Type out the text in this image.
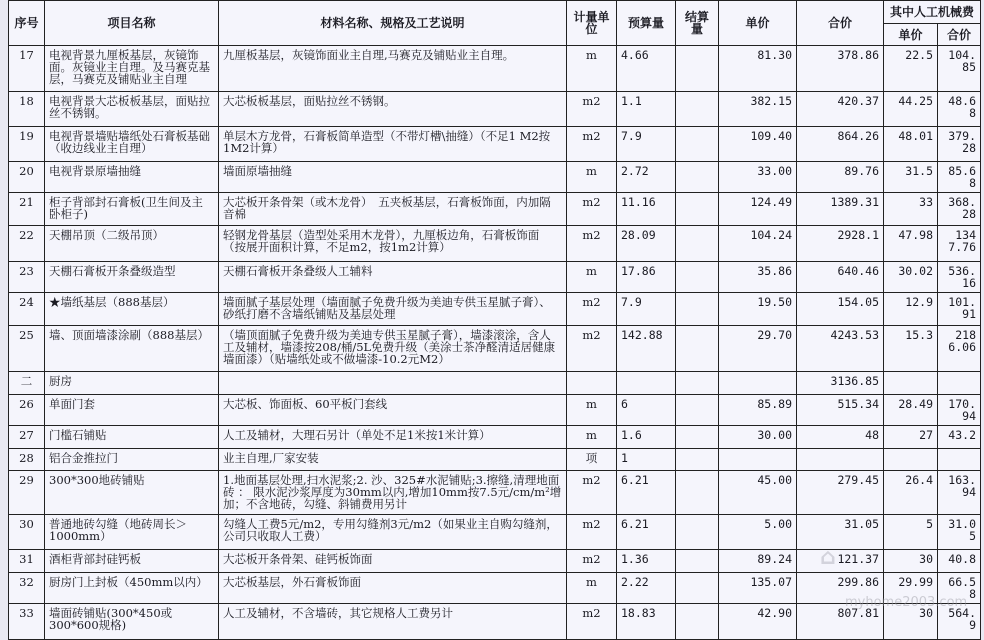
序号	项目名称	材料名称、规格及工艺说明	计量单位	预算量	结算量	单价	合价	其中人工机械费	
								单价	合价
17	电视背景九厘板基层，灰镜饰面。灰镜业主自理。及马赛克基层，马赛克及铺贴业主自理	九厘板基层，灰镜饰面业主自理,马赛克及铺贴业主自理。	m	4.66		81.30	378.86	22.5	104.85
18	电视背景大芯板板基层，面贴拉丝不锈钢。	大芯板板基层，面贴拉丝不锈钢。	m2	1.1		382.15	420.37	44.25	48.68
19	电视背景墙贴墙纸处石膏板基础（收边线业主自理）	单层木方龙骨，石膏板简单造型（不带灯槽\抽缝）（不足1 M2按1M2计算）	m2	7.9		109.40	864.26	48.01	379.28
20	电视背景原墙抽缝	墙面原墙抽缝	m	2.72		33.00	89.76	31.5	85.68
21	柜子背部封石膏板(卫生间及主卧柜子)	大芯板开条骨架（或木龙骨）　五夹板基层，石膏板饰面，内加隔音棉	m2	11.16		124.49	1389.31	33	368.28
22	天棚吊顶（二级吊顶）	轻钢龙骨基层（造型处采用木龙骨），九厘板边角，石膏板饰面（按展开面积计算，不足m2，按1m2计算）	m2	28.09		104.24	2928.1	47.98	1347.76
23	天棚石膏板开条叠级造型	天棚石膏板开条叠级人工辅料	m	17.86		35.86	640.46	30.02	536.16
24	★墙纸基层（888基层）	墙面腻子基层处理（墙面腻子免费升级为美迪专供玉星腻子膏）、砂纸打磨不含墙纸铺贴及基层处理	m2	7.9		19.50	154.05	12.9	101.91
25	墙、顶面墙漆涂刷（888基层）	（墙顶面腻子免费升级为美迪专供玉星腻子膏），墙漆滚涂，含人工及辅材，墙漆按208/桶/5L免费升级（美涂士茶净醛清适居健康墙面漆）（贴墙纸处或不做墙漆-10.2元M2）	m2	142.88		29.70	4243.53	15.3	2186.06
二	厨房						3136.85		
26	单面门套	大芯板、饰面板、60平板门套线	m	6		85.89	515.34	28.49	170.94
27	门槛石铺贴	人工及辅材，大理石另计（单处不足1米按1米计算）	m	1.6		30.00	48	27	43.2
28	铝合金推拉门	业主自理,厂家安装	项	1					
29	300*300地砖铺贴	1.地面基层处理,扫水泥浆;2. 沙、325#水泥铺贴;3.擦缝,清理地面砖 ： 限水泥沙浆厚度为30mm以内,增加10mm按7.5元/cm/m²增加；不含地砖，勾缝、斜铺费用另计	m2	6.21		45.00	279.45	26.4	163.94
30	普通地砖勾缝（地砖周长＞1000mm）	勾缝人工费5元/m2，专用勾缝剂3元/m2（如果业主自购勾缝剂，公司只收取人工费）	m2	6.21		5.00	31.05	5	31.05
31	酒柜背部封硅钙板	大芯板开条骨架、硅钙板饰面	m2	1.36		89.24	121.37	30	40.8
32	厨房门上封板（450mm以内）	大芯板基层，外石膏板饰面	m	2.22		135.07	299.86	29.99	66.58
33	墙面砖铺贴(300*450或300*600规格)	人工及辅材，不含墙砖，其它规格人工费另计	m2	18.83		42.90	807.81	30	564.9
⌂
myhome2003.com
